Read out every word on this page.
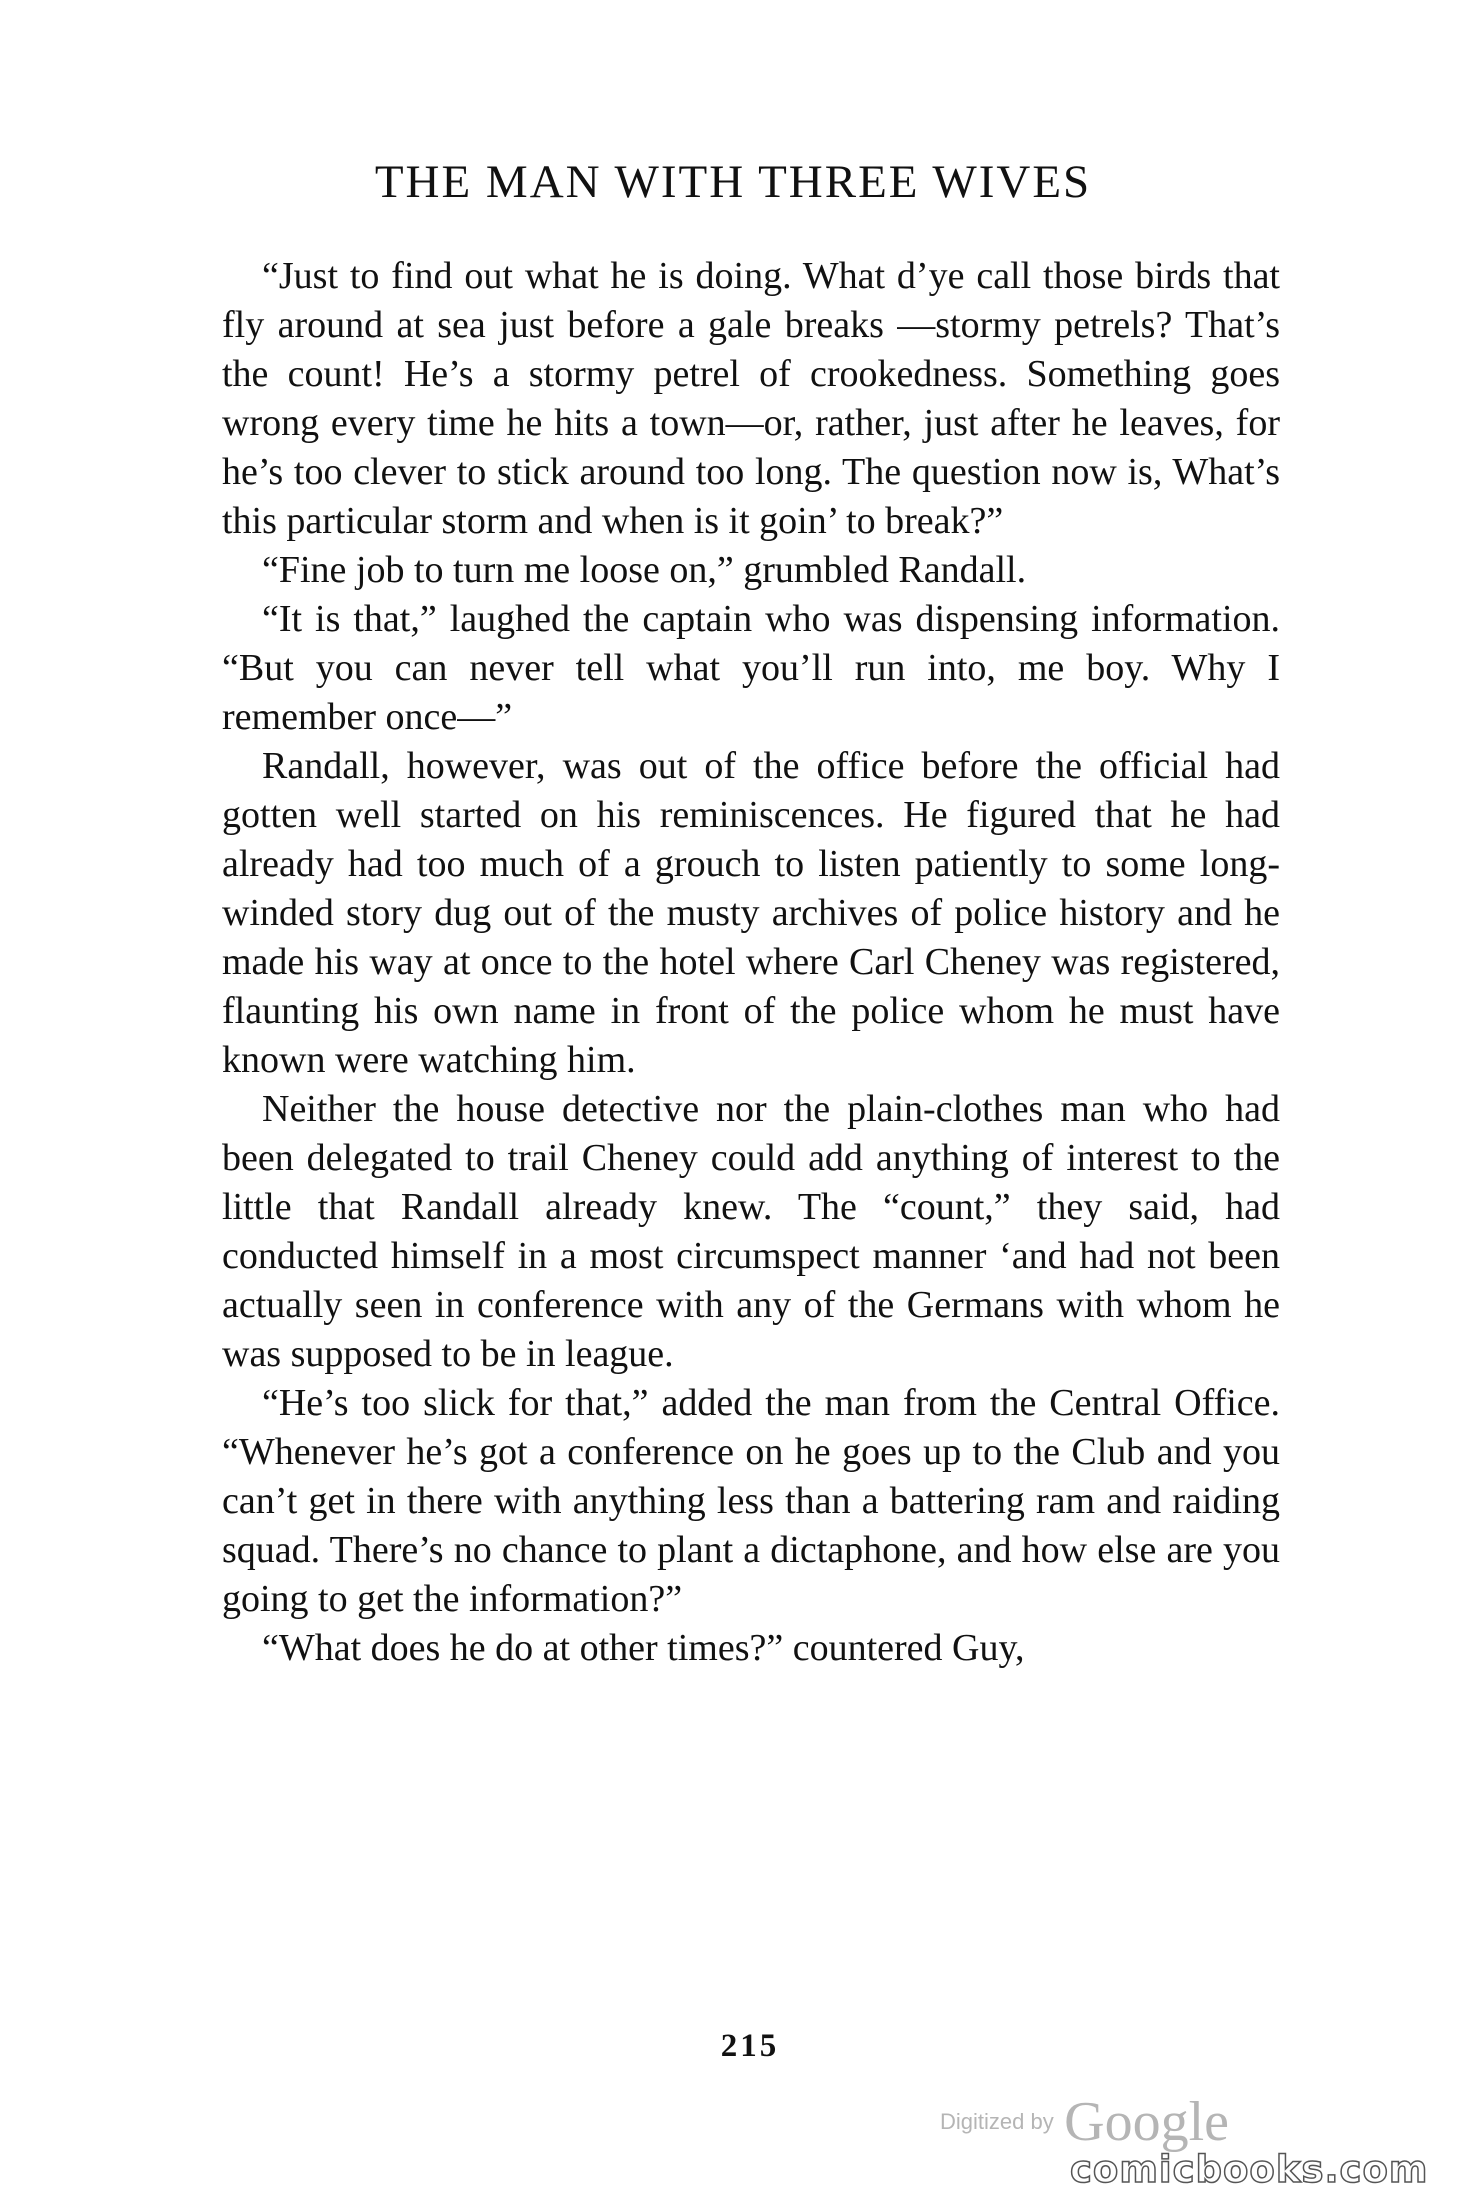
THE MAN WITH THREE WIVES

“Just to find out what he is doing. What d’ye call those birds that fly around at sea just before a gale breaks —stormy petrels? That’s the count! He’s a stormy petrel of crookedness. Something goes wrong every time he hits a town—or, rather, just after he leaves, for he’s too clever to stick around too long. The question now is, What’s this particular storm and when is it goin’ to break?”

“Fine job to turn me loose on,” grumbled Randall.

“It is that,” laughed the captain who was dispensing information. “But you can never tell what you’ll run into, me boy. Why I remember once—”

Randall, however, was out of the office before the official had gotten well started on his reminiscences. He figured that he had already had too much of a grouch to listen patiently to some long-winded story dug out of the musty archives of police history and he made his way at once to the hotel where Carl Cheney was registered, flaunting his own name in front of the police whom he must have known were watching him.

Neither the house detective nor the plain-clothes man who had been delegated to trail Cheney could add anything of interest to the little that Randall already knew. The “count,” they said, had conducted himself in a most circumspect manner ‘and had not been actually seen in conference with any of the Germans with whom he was supposed to be in league.

“He’s too slick for that,” added the man from the Central Office. “Whenever he’s got a conference on he goes up to the Club and you can’t get in there with anything less than a battering ram and raiding squad. There’s no chance to plant a dictaphone, and how else are you going to get the information?”

“What does he do at other times?” countered Guy,

215
Digitized by Google
comicbooks.com
